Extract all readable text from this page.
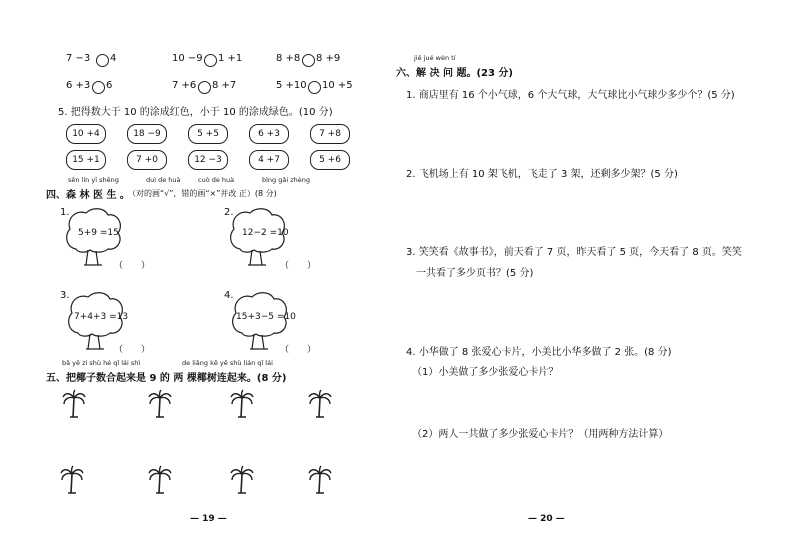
7 −3 4	10 −9 1 +1	8 +8 8 +9
6 +3 6	7 +6 8 +7	5 +10 10 +5
5. 把得数大于 10 的涂成红色，小于 10 的涂成绿色。(10 分)
10 +4	18 −9	5 +5	6 +3	7 +8
15 +1	7 +0	12 −3	4 +7	5 +6
sēn lín yī shēng	duì de huà	cuò de huà	bìng gǎi zhèng
四、森 林 医 生 。
（对的画“√”，错的画“×”并改 正）(8 分)
1.
5+9 =15
（　　）
2.
12−2 =10
（　　）
3.
7+4+3 =13
（　　）
4.
15+3−5 =10
（　　）
bǎ yē zi shù hé qǐ lái shì	de liǎng kē yē shù lián qǐ lái
五、把椰子数合起来是 9 的 两 棵椰树连起来。(8 分)
— 19 —
jiě jué wèn tí
六、解 决 问 题。(23 分)
1. 商店里有 16 个小气球，6 个大气球，大气球比小气球少多少个？(5 分)
2. 飞机场上有 10 架飞机，飞走了 3 架，还剩多少架？(5 分)
3. 笑笑看《故事书》，前天看了 7 页，昨天看了 5 页，今天看了 8 页。笑笑
一共看了多少页书？(5 分)
4. 小华做了 8 张爱心卡片，小美比小华多做了 2 张。(8 分)
（1）小美做了多少张爱心卡片？
（2）两人一共做了多少张爱心卡片？（用两种方法计算）
— 20 —
